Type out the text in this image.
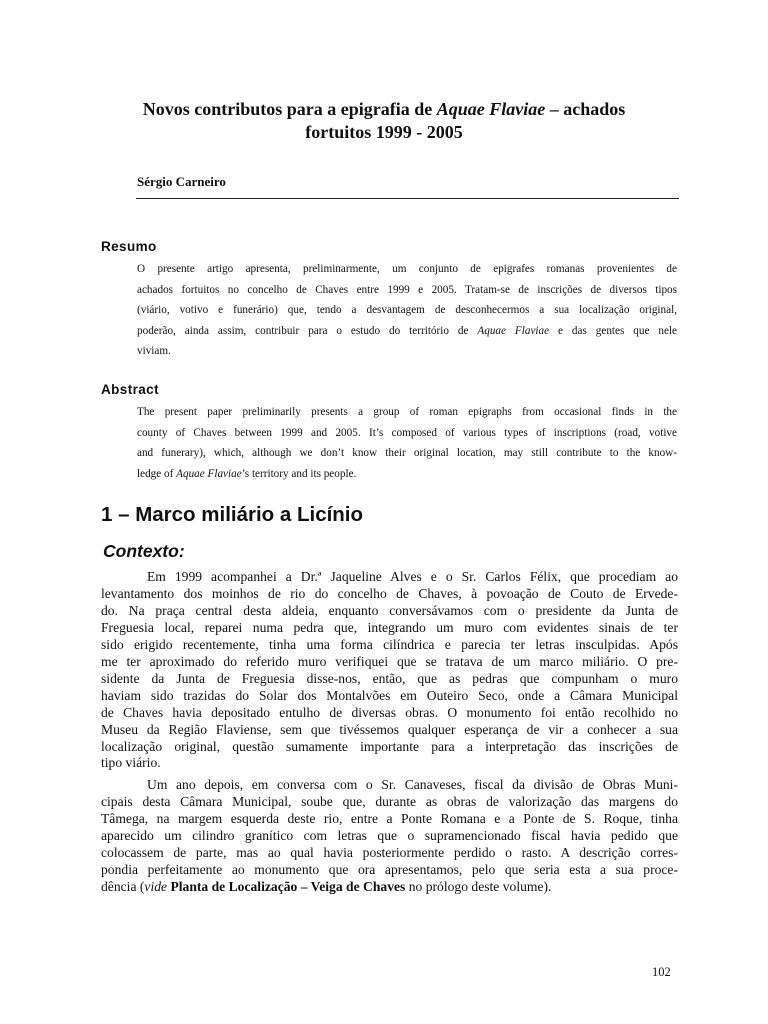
Novos contributos para a epigrafia de Aquae Flaviae – achados
fortuitos 1999 - 2005
Sérgio Carneiro
Resumo
O presente artigo apresenta, preliminarmente, um conjunto de epigrafes romanas provenientes de
achados fortuitos no concelho de Chaves entre 1999 e 2005. Tratam-se de inscrições de diversos tipos
(viário, votivo e funerário) que, tendo a desvantagem de desconhecermos a sua localização original,
poderão, ainda assim, contribuir para o estudo do território de Aquae Flaviae e das gentes que nele
viviam.
Abstract
The present paper preliminarily presents a group of roman epigraphs from occasional finds in the
county of Chaves between 1999 and 2005. It’s composed of various types of inscriptions (road, votive
and funerary), which, although we don’t know their original location, may still contribute to the know-
ledge of Aquae Flaviae’s territory and its people.
1 – Marco miliário a Licínio
Contexto:
Em 1999 acompanhei a Dr.ª Jaqueline Alves e o Sr. Carlos Félix, que procediam ao
levantamento dos moinhos de rio do concelho de Chaves, à povoação de Couto de Ervede-
do. Na praça central desta aldeia, enquanto conversávamos com o presidente da Junta de
Freguesia local, reparei numa pedra que, integrando um muro com evidentes sinais de ter
sido erigido recentemente, tinha uma forma cilíndrica e parecia ter letras insculpidas. Após
me ter aproximado do referido muro verifiquei que se tratava de um marco miliário. O pre-
sidente da Junta de Freguesia disse-nos, então, que as pedras que compunham o muro
haviam sido trazidas do Solar dos Montalvões em Outeiro Seco, onde a Câmara Municipal
de Chaves havia depositado entulho de diversas obras. O monumento foi então recolhido no
Museu da Região Flaviense, sem que tivéssemos qualquer esperança de vir a conhecer a sua
localização original, questão sumamente importante para a interpretação das inscrições de
tipo viário.
Um ano depois, em conversa com o Sr. Canaveses, fiscal da divisão de Obras Muni-
cipais desta Câmara Municipal, soube que, durante as obras de valorização das margens do
Tâmega, na margem esquerda deste rio, entre a Ponte Romana e a Ponte de S. Roque, tinha
aparecido um cilindro granítico com letras que o supramencionado fiscal havia pedido que
colocassem de parte, mas ao qual havia posteriormente perdido o rasto. A descrição corres-
pondia perfeitamente ao monumento que ora apresentamos, pelo que seria esta a sua proce-
dência (vide Planta de Localização – Veiga de Chaves no prólogo deste volume).
102
